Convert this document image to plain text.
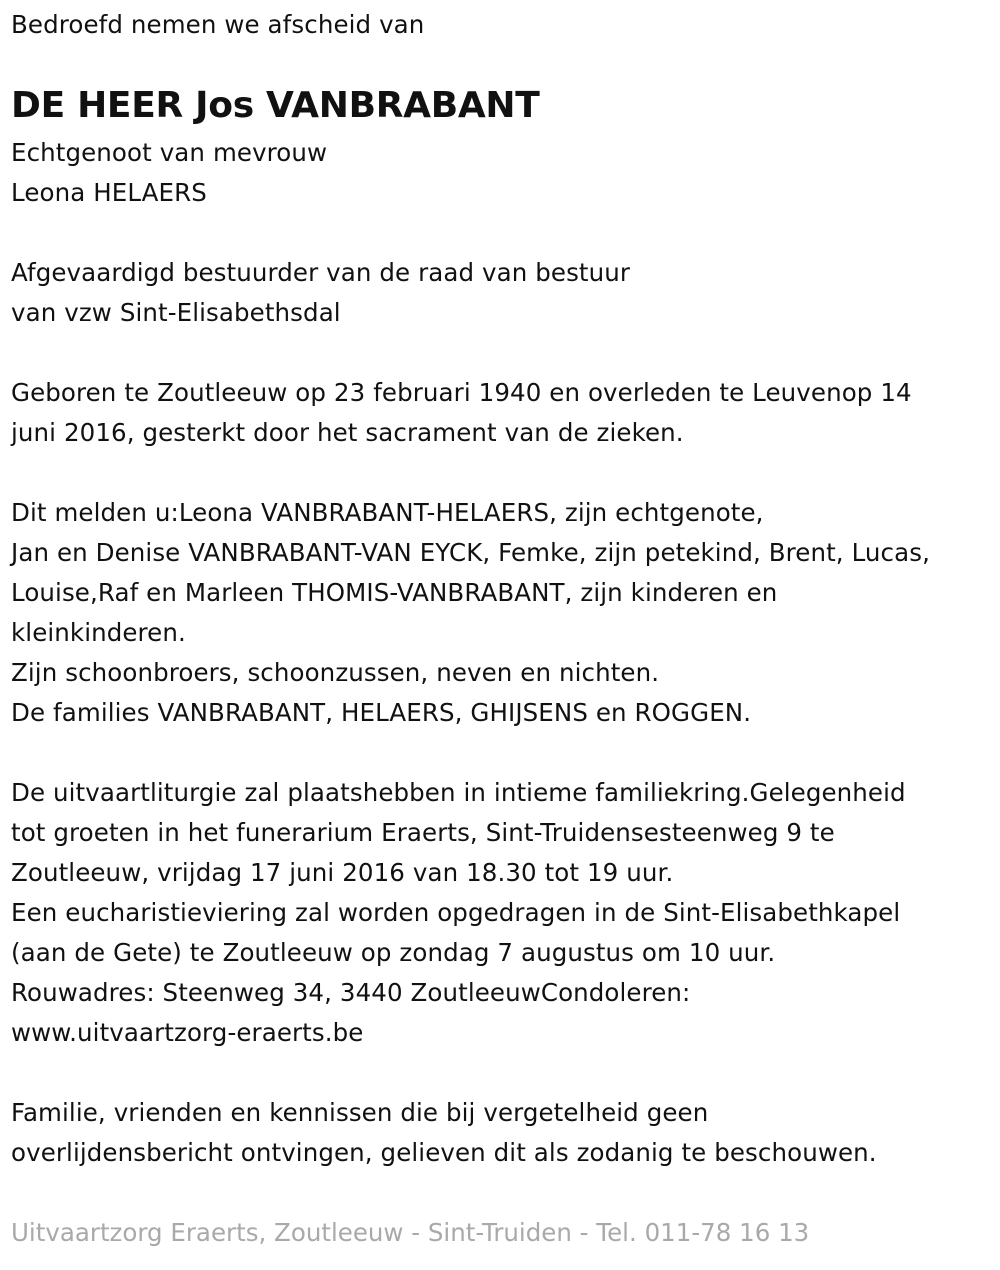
Bedroefd nemen we afscheid van
DE HEER Jos VANBRABANT
Echtgenoot van mevrouw
Leona HELAERS
Afgevaardigd bestuurder van de raad van bestuur
van vzw Sint-Elisabethsdal
Geboren te Zoutleeuw op 23 februari 1940 en overleden te Leuvenop 14
juni 2016, gesterkt door het sacrament van de zieken.
Dit melden u:Leona VANBRABANT-HELAERS, zijn echtgenote,
Jan en Denise VANBRABANT-VAN EYCK, Femke, zijn petekind, Brent, Lucas,
Louise,Raf en Marleen THOMIS-VANBRABANT, zijn kinderen en
kleinkinderen.
Zijn schoonbroers, schoonzussen, neven en nichten.
De families VANBRABANT, HELAERS, GHIJSENS en ROGGEN.
De uitvaartliturgie zal plaatshebben in intieme familiekring.Gelegenheid
tot groeten in het funerarium Eraerts, Sint-Truidensesteenweg 9 te
Zoutleeuw, vrijdag 17 juni 2016 van 18.30 tot 19 uur.
Een eucharistieviering zal worden opgedragen in de Sint-Elisabethkapel
(aan de Gete) te Zoutleeuw op zondag 7 augustus om 10 uur.
Rouwadres: Steenweg 34, 3440 ZoutleeuwCondoleren:
www.uitvaartzorg-eraerts.be
Familie, vrienden en kennissen die bij vergetelheid geen
overlijdensbericht ontvingen, gelieven dit als zodanig te beschouwen.
Uitvaartzorg Eraerts, Zoutleeuw - Sint-Truiden - Tel. 011-78 16 13
